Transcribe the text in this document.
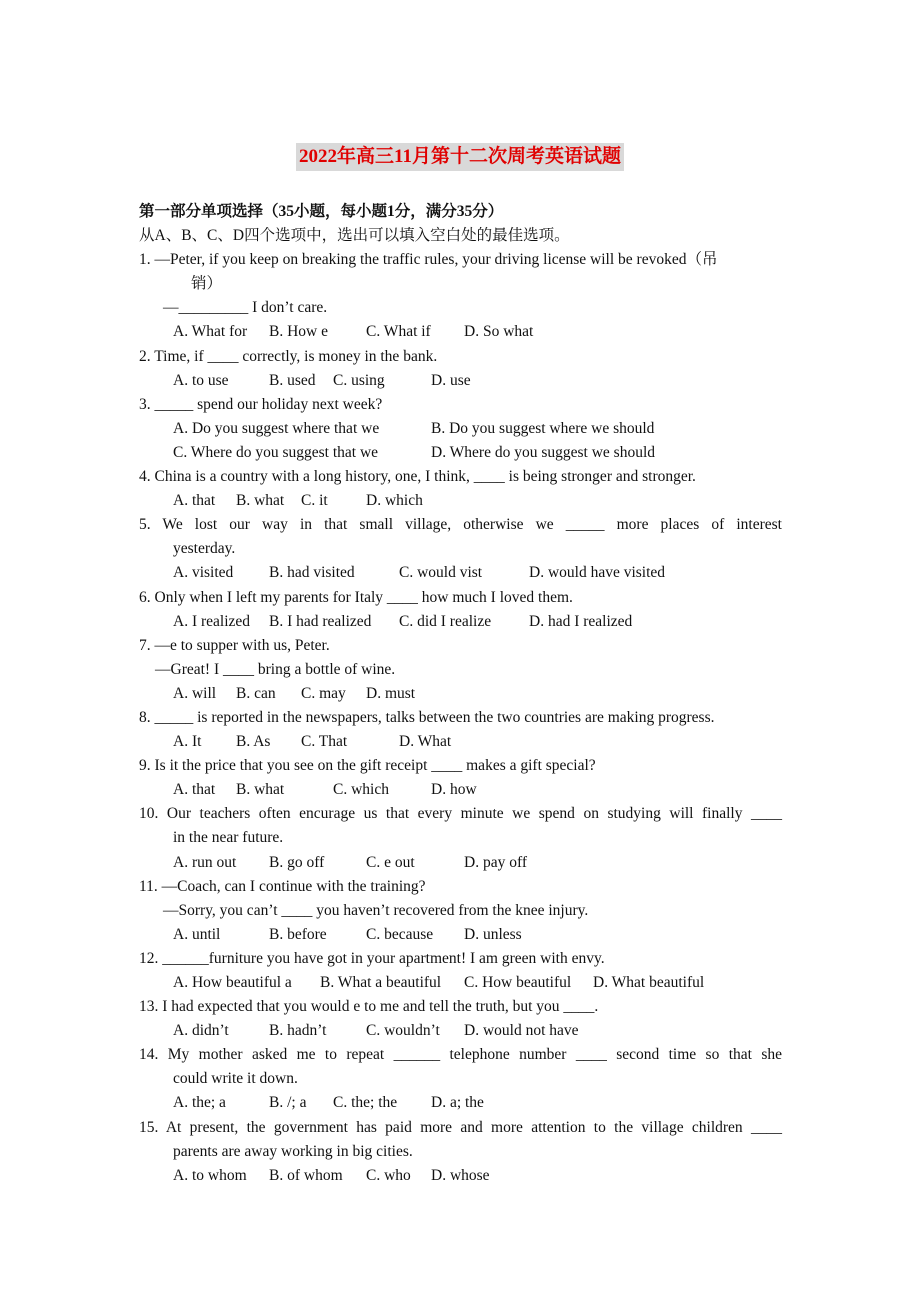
2022年高三11月第十二次周考英语试题
第一部分单项选择（35小题，每小题1分，满分35分）
从A、B、C、D四个选项中，选出可以填入空白处的最佳选项。
1. —Peter, if you keep on breaking the traffic rules, your driving license will be revoked（吊
销）
—_________ I don’t care.
A. What for B. How e C. What if D. So what
2. Time, if ____ correctly, is money in the bank.
A. to use	B. used C. using	D. use
3. _____ spend our holiday next week?
A. Do you suggest where that we	B. Do you suggest where we should
C. Where do you suggest that we	D. Where do you suggest we should
4. China is a country with a long history, one, I think, ____ is being stronger and stronger.
A. that B. what C. it D. which
5. We lost our way in that small village, otherwise we _____ more places of interest
yesterday.
A. visited B. had visited	C. would vist	D. would have visited
6. Only when I left my parents for Italy ____ how much I loved them.
A. I realized B. I had realized C. did I realize D. had I realized
7. —e to supper with us, Peter.
—Great! I ____ bring a bottle of wine.
A. will B. can C. may D. must
8. _____ is reported in the newspapers, talks between the two countries are making progress.
A. It B. As C. That	D. What
9. Is it the price that you see on the gift receipt ____ makes a gift special?
A. that B. what	C. which	D. how
10. Our teachers often encurage us that every minute we spend on studying will finally ____
in the near future.
A. run out B. go off	C. e out	D. pay off
11. —Coach, can I continue with the training?
—Sorry, you can’t ____ you haven’t recovered from the knee injury.
A. until	B. before	C. because D. unless
12. ______furniture you have got in your apartment! I am green with envy.
A. How beautiful a B. What a beautiful C. How beautiful D. What beautiful
13. I had expected that you would e to me and tell the truth, but you ____.
A. didn’t	B. hadn’t	C. wouldn’t D. would not have
14. My mother asked me to repeat ______ telephone number ____ second time so that she
could write it down.
A. the; a	B. /; a C. the; the D. a; the
15. At present, the government has paid more and more attention to the village children ____
parents are away working in big cities.
A. to whom B. of whom C. who D. whose
